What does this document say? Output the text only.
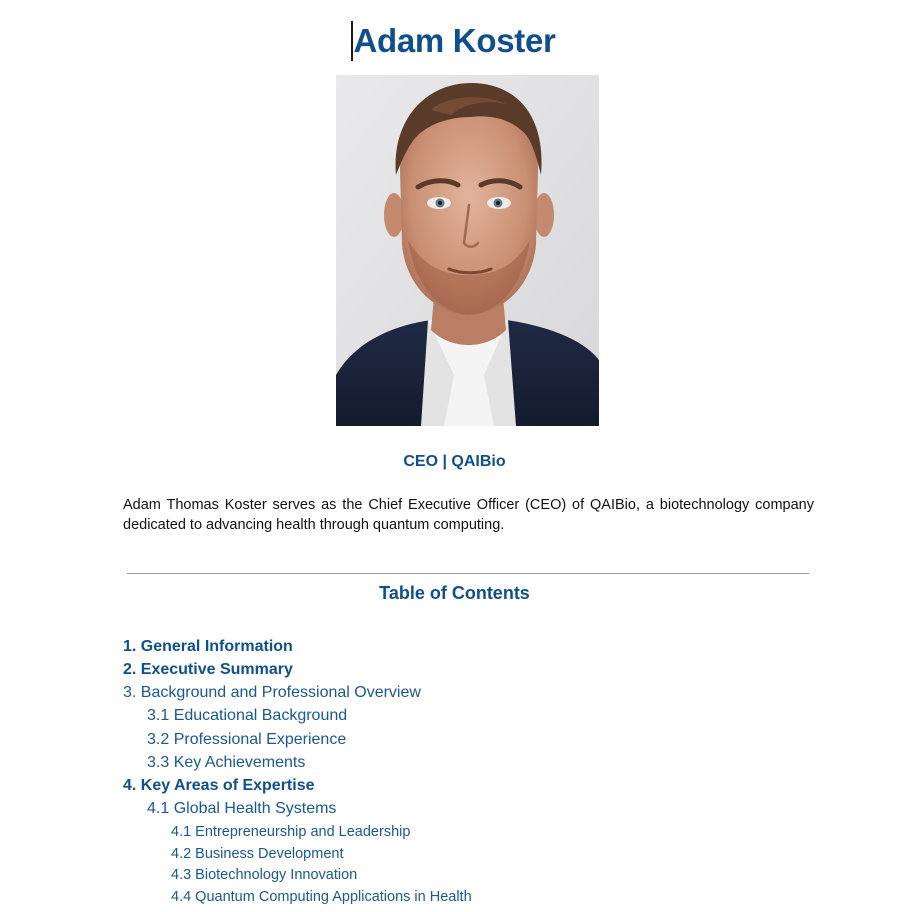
Adam Koster
CEO | QAIBio

Adam Thomas Koster serves as the Chief Executive Officer (CEO) of QAIBio, a biotechnology company dedicated to advancing health through quantum computing.

Table of Contents
1. General Information
2. Executive Summary
3. Background and Professional Overview
3.1 Educational Background
3.2 Professional Experience
3.3 Key Achievements
4. Key Areas of Expertise
4.1 Global Health Systems
4.1 Entrepreneurship and Leadership
4.2 Business Development
4.3 Biotechnology Innovation
4.4 Quantum Computing Applications in Health
